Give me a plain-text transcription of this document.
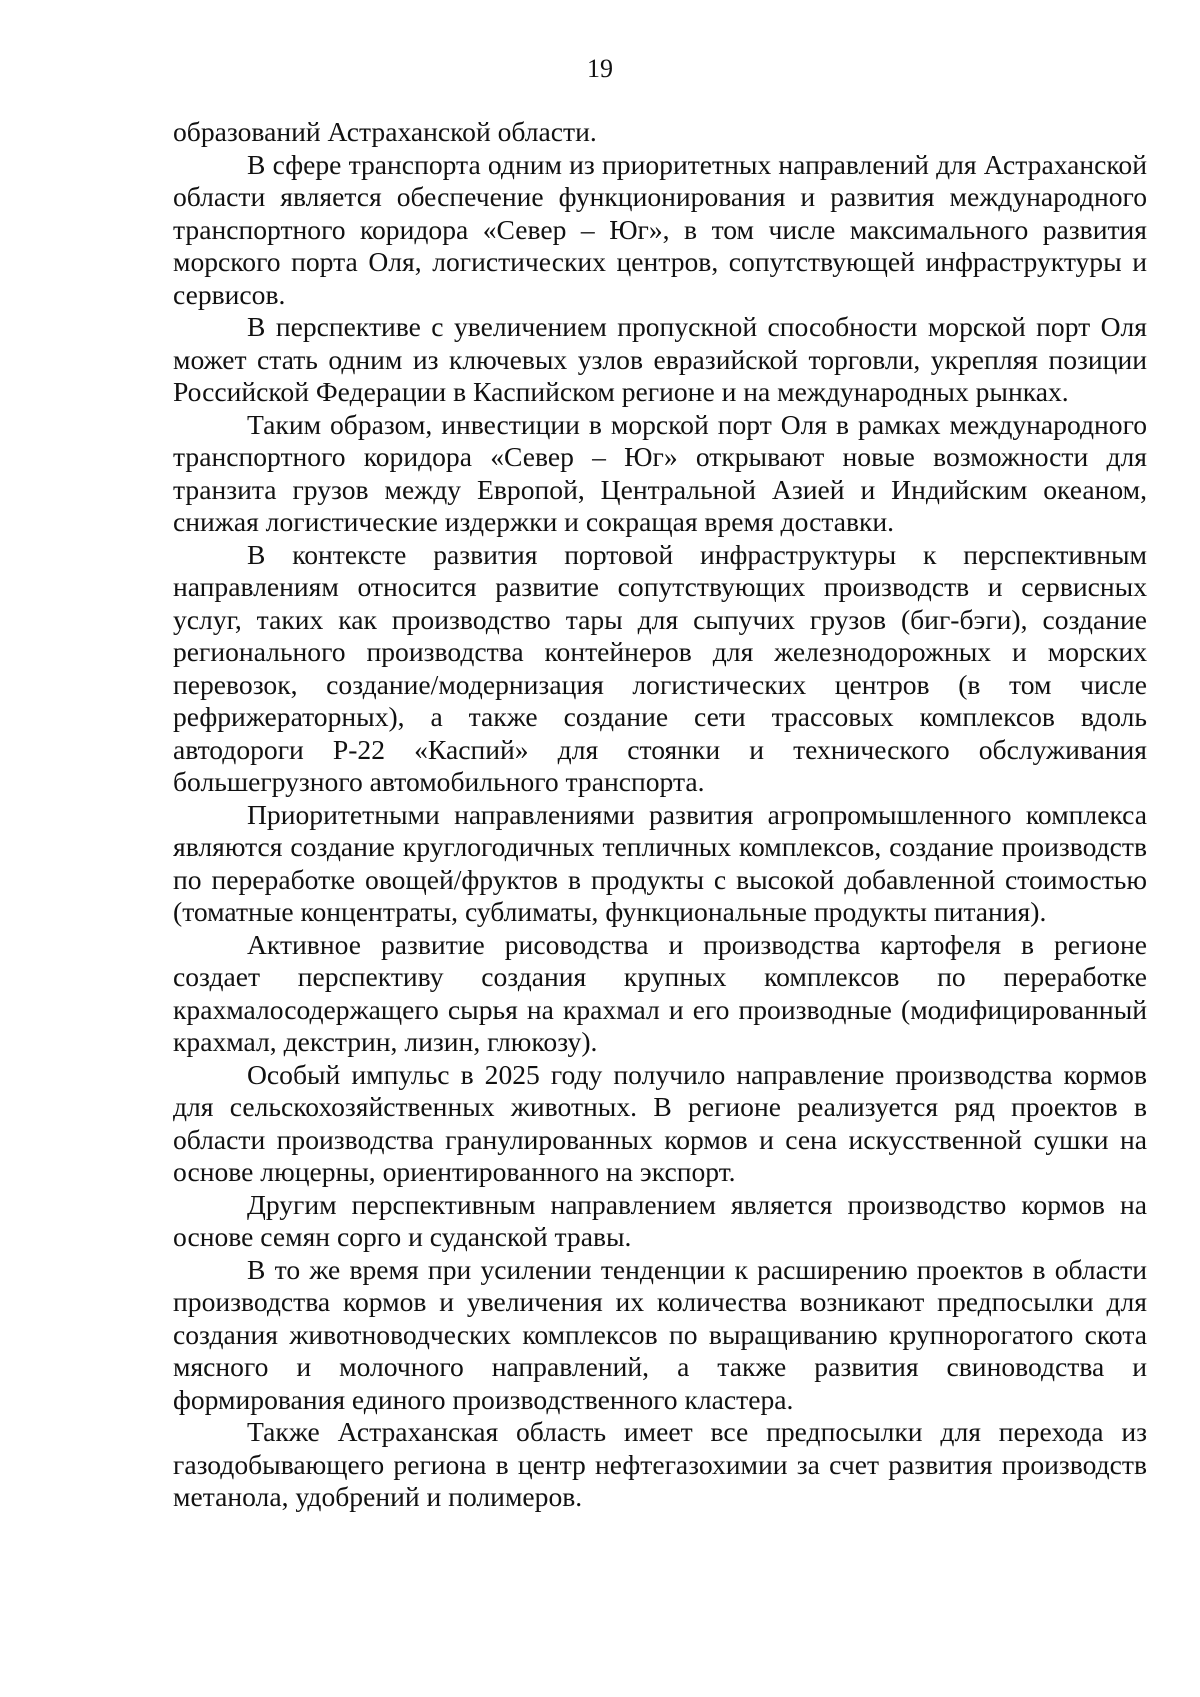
19

образований Астраханской области.

В сфере транспорта одним из приоритетных направлений для Астраханской области является обеспечение функционирования и развития международного транспортного коридора «Север – Юг», в том числе максимального развития морского порта Оля, логистических центров, сопутствующей инфраструктуры и сервисов.

В перспективе с увеличением пропускной способности морской порт Оля может стать одним из ключевых узлов евразийской торговли, укрепляя позиции Российской Федерации в Каспийском регионе и на международных рынках.

Таким образом, инвестиции в морской порт Оля в рамках международного транспортного коридора «Север – Юг» открывают новые возможности для транзита грузов между Европой, Центральной Азией и Индийским океаном, снижая логистические издержки и сокращая время доставки.

В контексте развития портовой инфраструктуры к перспективным направлениям относится развитие сопутствующих производств и сервисных услуг, таких как производство тары для сыпучих грузов (биг-бэги), создание регионального производства контейнеров для железнодорожных и морских перевозок, создание/модернизация логистических центров (в том числе рефрижераторных), а также создание сети трассовых комплексов вдоль автодороги Р-22 «Каспий» для стоянки и технического обслуживания большегрузного автомобильного транспорта.

Приоритетными направлениями развития агропромышленного комплекса являются создание круглогодичных тепличных комплексов, создание производств по переработке овощей/фруктов в продукты с высокой добавленной стоимостью (томатные концентраты, сублиматы, функциональные продукты питания).

Активное развитие рисоводства и производства картофеля в регионе создает перспективу создания крупных комплексов по переработке крахмалосодержащего сырья на крахмал и его производные (модифицированный крахмал, декстрин, лизин, глюкозу).

Особый импульс в 2025 году получило направление производства кормов для сельскохозяйственных животных. В регионе реализуется ряд проектов в области производства гранулированных кормов и сена искусственной сушки на основе люцерны, ориентированного на экспорт.

Другим перспективным направлением является производство кормов на основе семян сорго и суданской травы.

В то же время при усилении тенденции к расширению проектов в области производства кормов и увеличения их количества возникают предпосылки для создания животноводческих комплексов по выращиванию крупнорогатого скота мясного и молочного направлений, а также развития свиноводства и формирования единого производственного кластера.

Также Астраханская область имеет все предпосылки для перехода из газодобывающего региона в центр нефтегазохимии за счет развития производств метанола, удобрений и полимеров.
